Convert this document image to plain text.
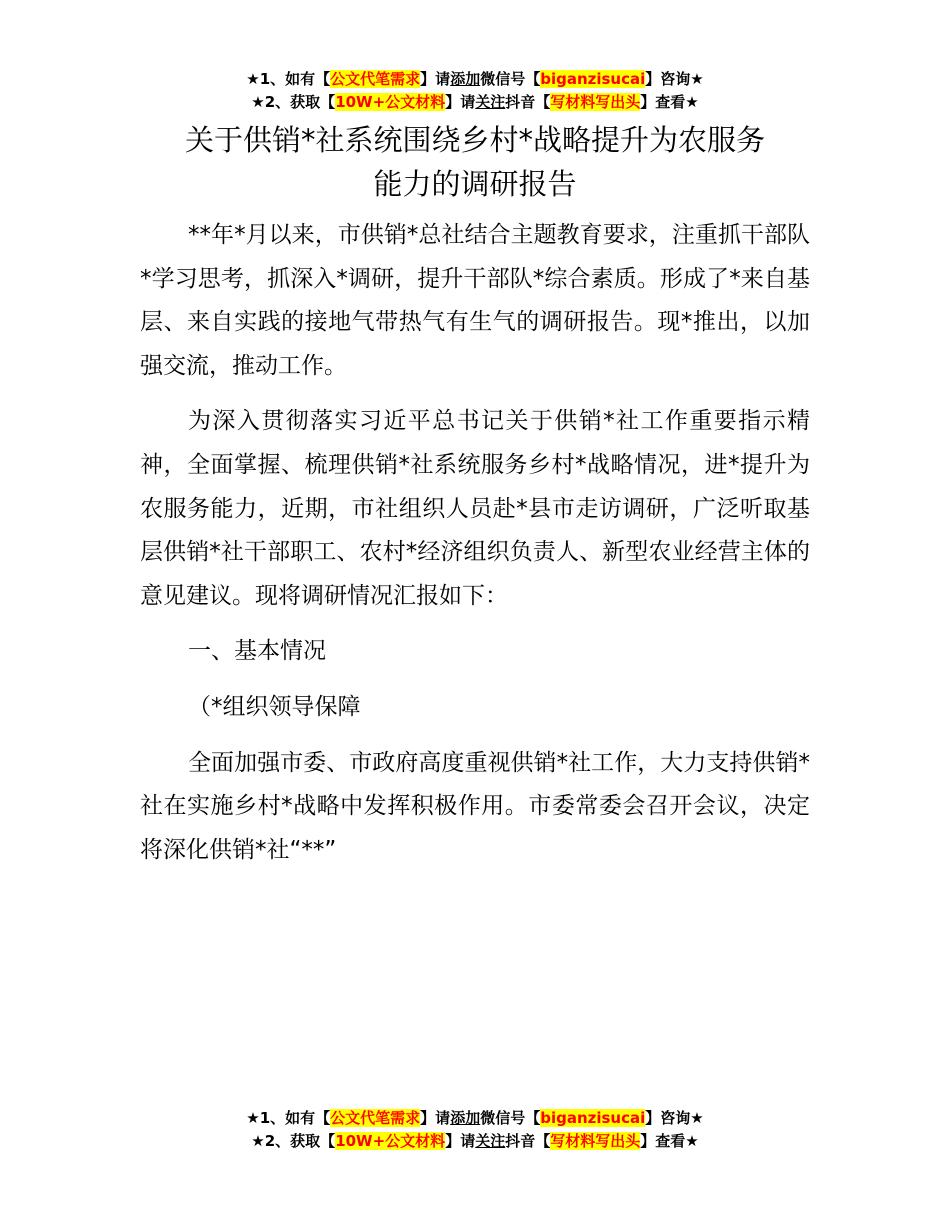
★1、如有【公文代笔需求】请添加微信号【biganzisucai】咨询★
★2、获取【10W+公文材料】请关注抖音【写材料写出头】查看★
关于供销*社系统围绕乡村*战略提升为农服务
能力的调研报告

**年*月以来，市供销*总社结合主题教育要求，注重抓干部队*学习思考，抓深入*调研，提升干部队*综合素质。形成了*来自基层、来自实践的接地气带热气有生气的调研报告。现*推出，以加强交流，推动工作。

为深入贯彻落实习近平总书记关于供销*社工作重要指示精神，全面掌握、梳理供销*社系统服务乡村*战略情况，进*提升为农服务能力，近期，市社组织人员赴*县市走访调研，广泛听取基层供销*社干部职工、农村*经济组织负责人、新型农业经营主体的意见建议。现将调研情况汇报如下：

一、基本情况

（*组织领导保障

全面加强市委、市政府高度重视供销*社工作，大力支持供销*社在实施乡村*战略中发挥积极作用。市委常委会召开会议，决定将深化供销*社“**”

★1、如有【公文代笔需求】请添加微信号【biganzisucai】咨询★
★2、获取【10W+公文材料】请关注抖音【写材料写出头】查看★
